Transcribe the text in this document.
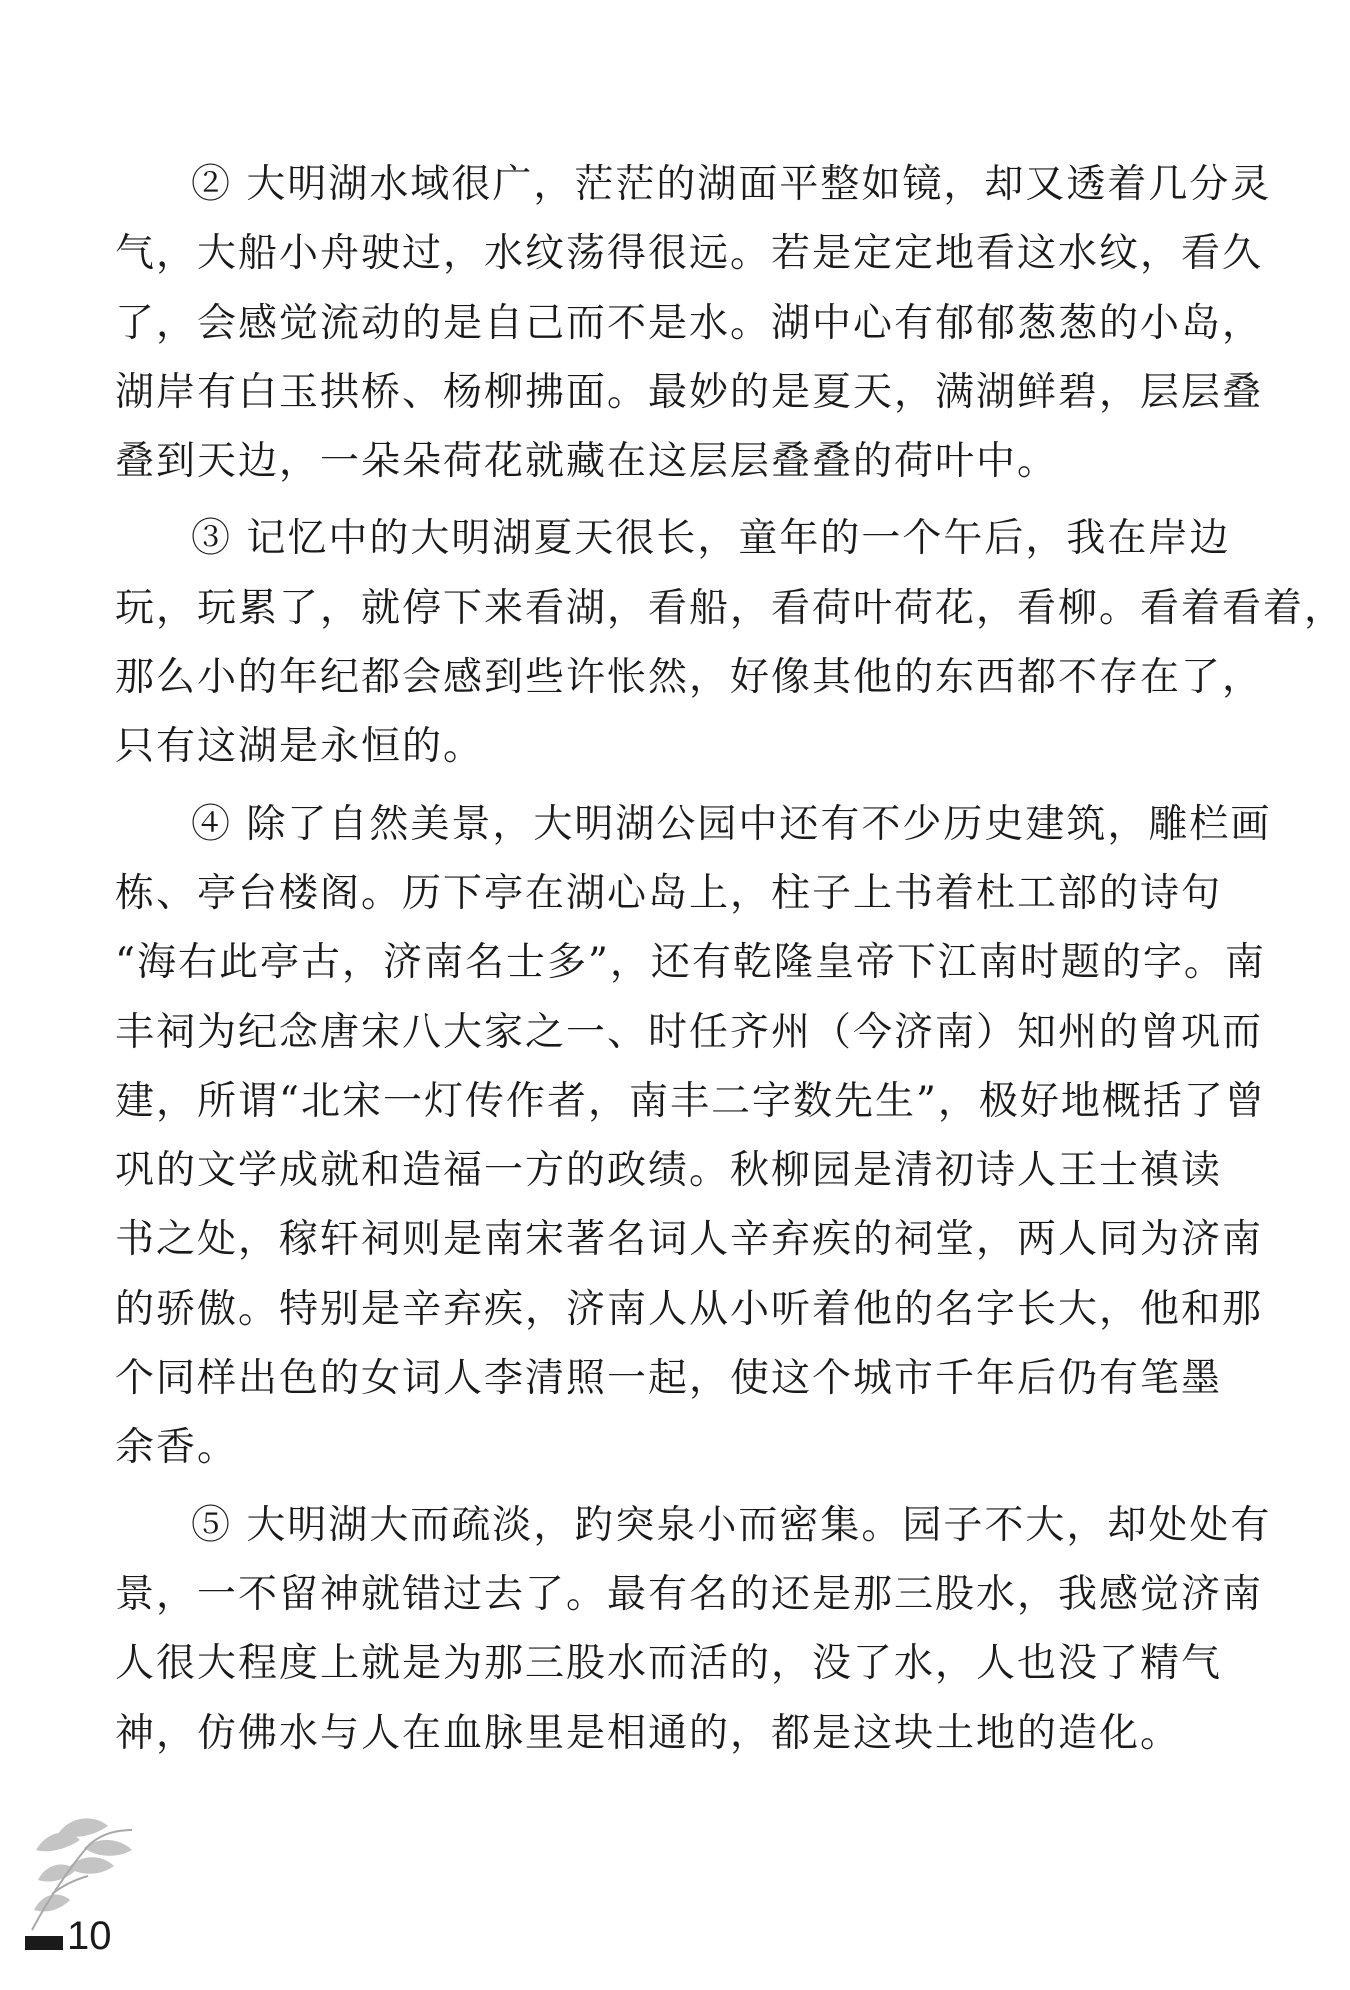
② 大明湖水域很广，茫茫的湖面平整如镜，却又透着几分灵
气，大船小舟驶过，水纹荡得很远。若是定定地看这水纹，看久
了，会感觉流动的是自己而不是水。湖中心有郁郁葱葱的小岛，
湖岸有白玉拱桥、杨柳拂面。最妙的是夏天，满湖鲜碧，层层叠
叠到天边，一朵朵荷花就藏在这层层叠叠的荷叶中。
③ 记忆中的大明湖夏天很长，童年的一个午后，我在岸边
玩，玩累了，就停下来看湖，看船，看荷叶荷花，看柳。看着看着，
那么小的年纪都会感到些许怅然，好像其他的东西都不存在了，
只有这湖是永恒的。
④ 除了自然美景，大明湖公园中还有不少历史建筑，雕栏画
栋、亭台楼阁。历下亭在湖心岛上，柱子上书着杜工部的诗句
“海右此亭古，济南名士多”，还有乾隆皇帝下江南时题的字。南
丰祠为纪念唐宋八大家之一、时任齐州（今济南）知州的曾巩而
建，所谓“北宋一灯传作者，南丰二字数先生”，极好地概括了曾
巩的文学成就和造福一方的政绩。秋柳园是清初诗人王士禛读
书之处，稼轩祠则是南宋著名词人辛弃疾的祠堂，两人同为济南
的骄傲。特别是辛弃疾，济南人从小听着他的名字长大，他和那
个同样出色的女词人李清照一起，使这个城市千年后仍有笔墨
余香。
⑤ 大明湖大而疏淡，趵突泉小而密集。园子不大，却处处有
景，一不留神就错过去了。最有名的还是那三股水，我感觉济南
人很大程度上就是为那三股水而活的，没了水，人也没了精气
神，仿佛水与人在血脉里是相通的，都是这块土地的造化。
10
